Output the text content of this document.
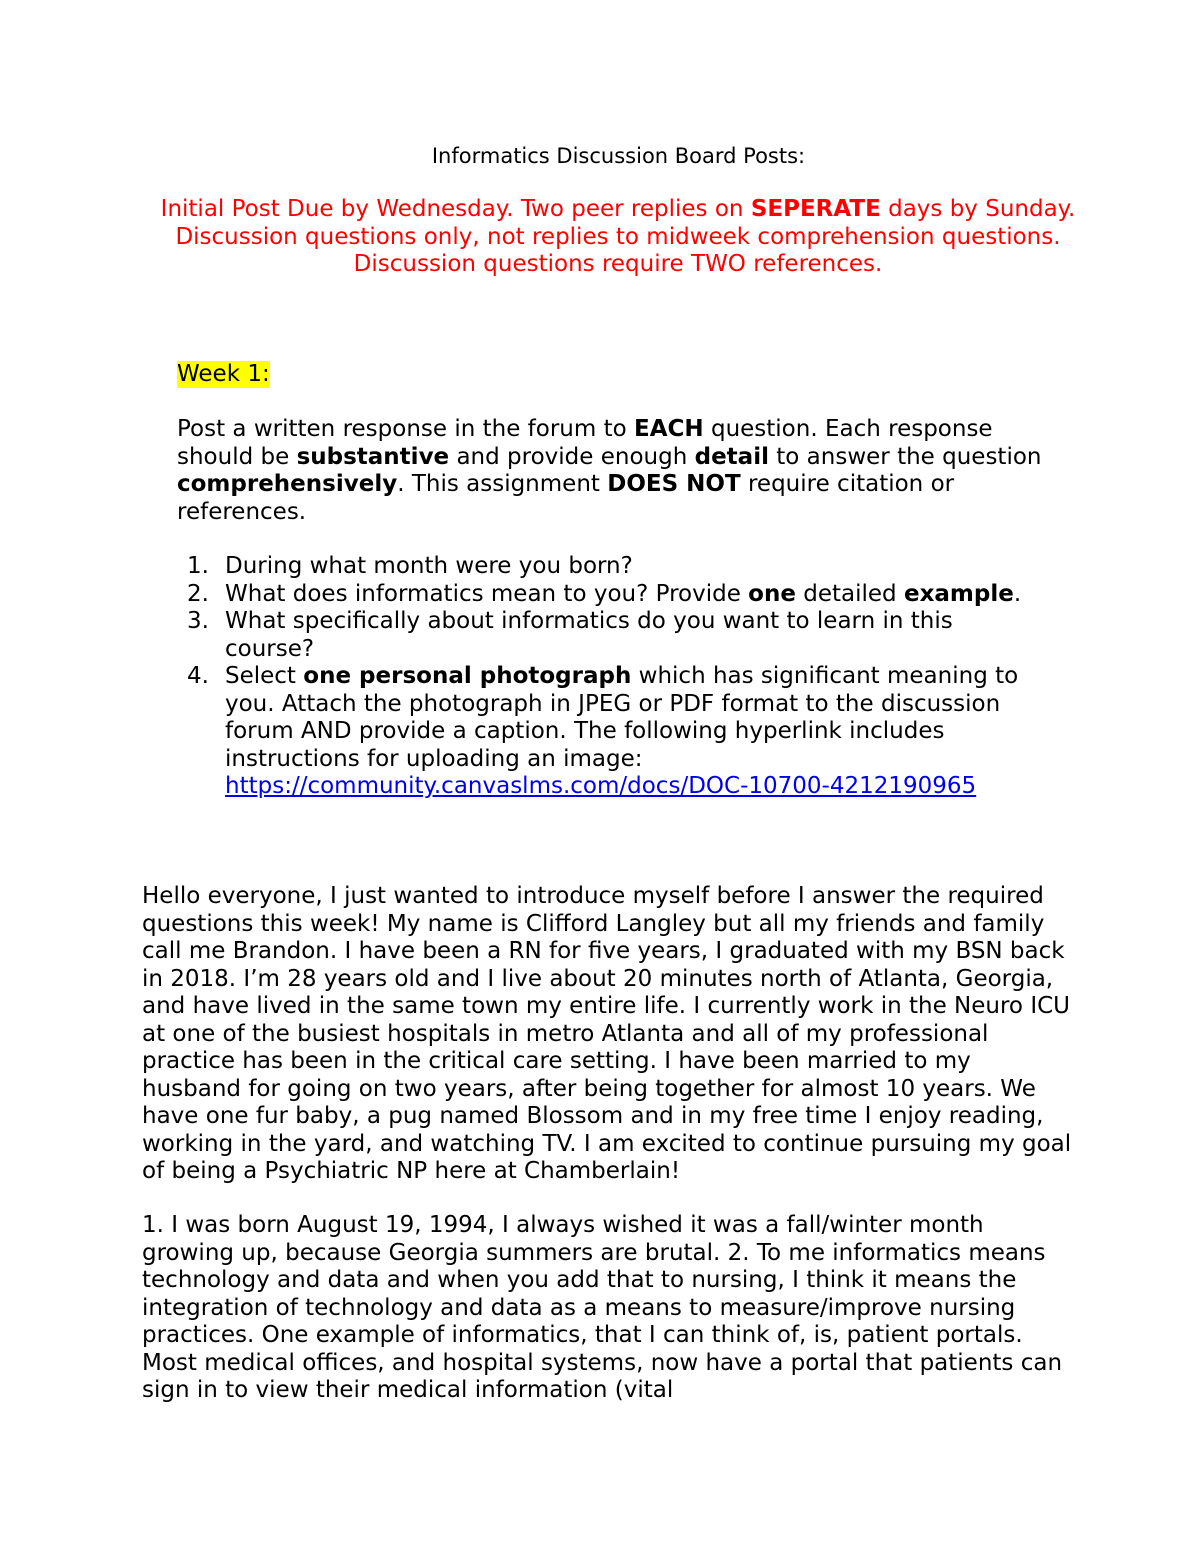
Informatics Discussion Board Posts:
Initial Post Due by Wednesday. Two peer replies on SEPERATE days by Sunday. Discussion questions only, not replies to midweek comprehension questions. Discussion questions require TWO references.
Week 1:
Post a written response in the forum to EACH question. Each response should be substantive and provide enough detail to answer the question comprehensively. This assignment DOES NOT require citation or references.
1. During what month were you born?
2. What does informatics mean to you? Provide one detailed example.
3. What specifically about informatics do you want to learn in this course?
4. Select one personal photograph which has significant meaning to you. Attach the photograph in JPEG or PDF format to the discussion forum AND provide a caption. The following hyperlink includes instructions for uploading an image: https://community.canvaslms.com/docs/DOC-10700-4212190965
Hello everyone, I just wanted to introduce myself before I answer the required questions this week! My name is Clifford Langley but all my friends and family call me Brandon. I have been a RN for five years, I graduated with my BSN back in 2018. I’m 28 years old and I live about 20 minutes north of Atlanta, Georgia, and have lived in the same town my entire life. I currently work in the Neuro ICU at one of the busiest hospitals in metro Atlanta and all of my professional practice has been in the critical care setting. I have been married to my husband for going on two years, after being together for almost 10 years. We have one fur baby, a pug named Blossom and in my free time I enjoy reading, working in the yard, and watching TV. I am excited to continue pursuing my goal of being a Psychiatric NP here at Chamberlain!
1. I was born August 19, 1994, I always wished it was a fall/winter month growing up, because Georgia summers are brutal. 2. To me informatics means technology and data and when you add that to nursing, I think it means the integration of technology and data as a means to measure/improve nursing practices. One example of informatics, that I can think of, is, patient portals. Most medical offices, and hospital systems, now have a portal that patients can sign in to view their medical information (vital
